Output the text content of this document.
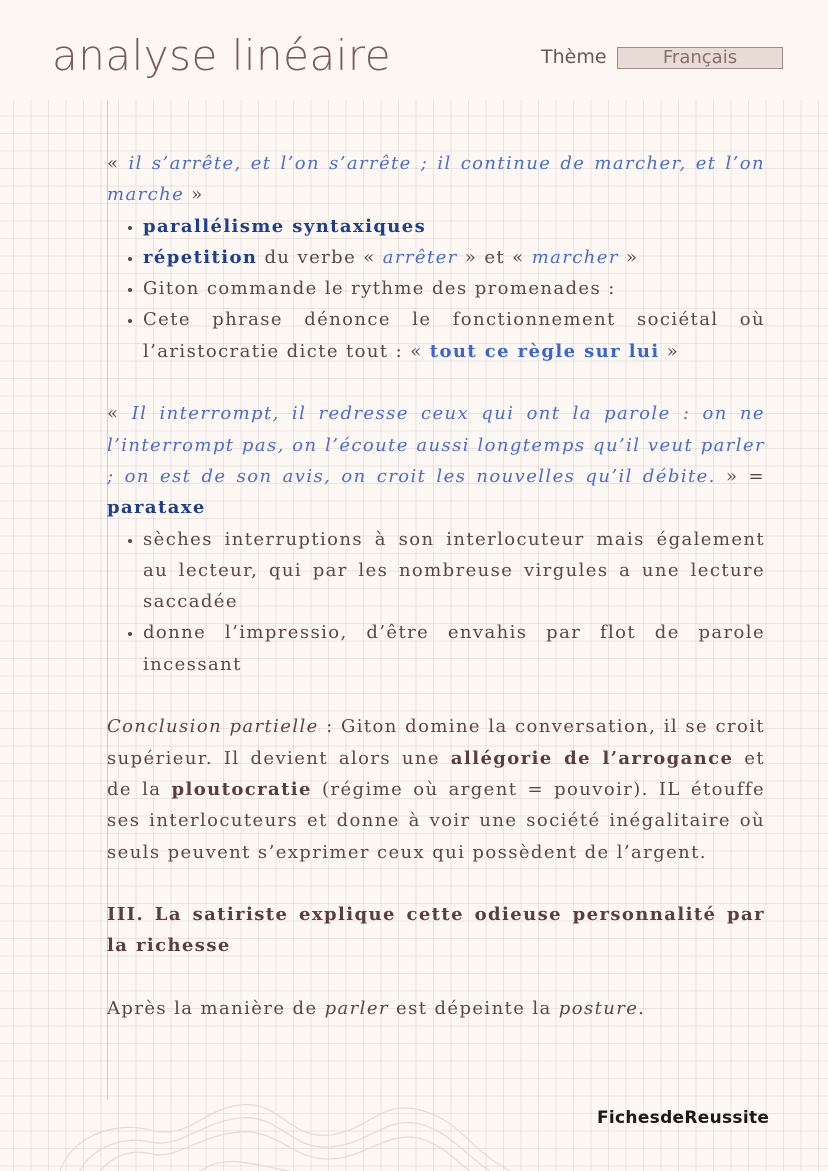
analyse linéaire	Thème	Français

« il s’arrête, et l’on s’arrête ; il continue de marcher, et l’on marche »

• parallélisme syntaxiques
• répetition du verbe « arrêter » et « marcher »
• Giton commande le rythme des promenades :
• Cete phrase dénonce le fonctionnement sociétal où l’aristocratie dicte tout : « tout ce règle sur lui »

« Il interrompt, il redresse ceux qui ont la parole : on ne l’interrompt pas, on l’écoute aussi longtemps qu’il veut parler ; on est de son avis, on croit les nouvelles qu’il débite. » = parataxe

• sèches interruptions à son interlocuteur mais également au lecteur, qui par les nombreuse virgules a une lecture saccadée
• donne l’impressio, d’être envahis par flot de parole incessant

Conclusion partielle : Giton domine la conversation, il se croit supérieur. Il devient alors une allégorie de l’arrogance et de la ploutocratie (régime où argent = pouvoir). IL étouffe ses interlocuteurs et donne à voir une société inégalitaire où seuls peuvent s’exprimer ceux qui possèdent de l’argent.

III. La satiriste explique cette odieuse personnalité par la richesse

Après la manière de parler est dépeinte la posture.

FichesdeReussite
